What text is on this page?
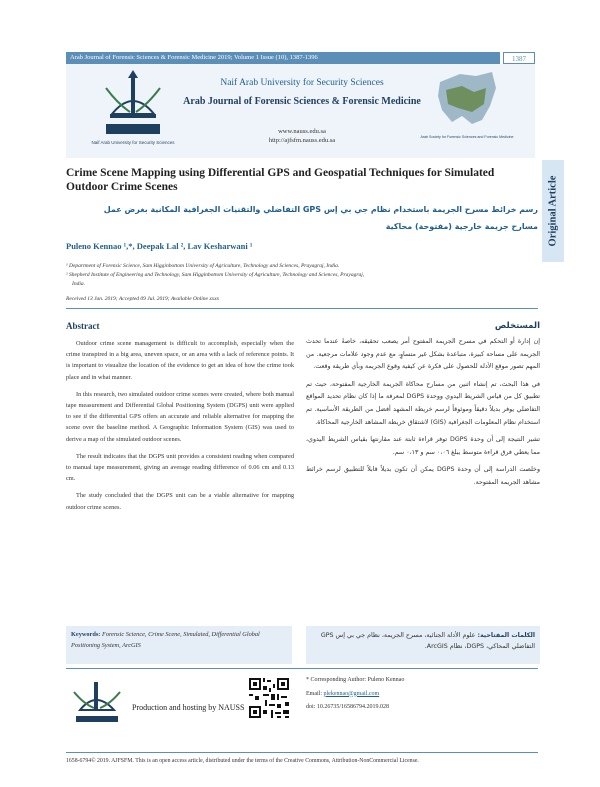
Arab Journal of Forensic Sciences & Forensic Medicine 2019; Volume 1 Issue (10), 1387-1396	1387
Naif Arab University for Security Sciences
Naif Arab University for Security Sciences
Arab Journal of Forensic Sciences & Forensic Medicine
www.nauss.edu.sa
http://ajfsfm.nauss.edu.sa	Arab Society for Forensic Sciences and Forensic Medicine
Original Article
Crime Scene Mapping using Differential GPS and Geospatial Techniques for Simulated Outdoor Crime Scenes
رسم خرائط مسرح الجريمة باستخدام نظام جي بي إس GPS التفاضلي والتقنيات الجغرافية المكانية بغرض عمل
مسارح جريمة خارجية (مفتوحة) محاكية
Puleno Kennao ¹,*, Deepak Lal ², Lav Kesharwani ¹
¹ Department of Forensic Science, Sam Higginbottom University of Agriculture, Technology and Sciences, Prayagraj, India.
² Shepherd Institute of Engineering and Technology, Sam Higginbottom University of Agriculture, Technology and Sciences, Prayagraj,
India.
Received 13 Jan. 2019; Accepted 09 Jul. 2019; Available Online xxxx
Abstract

Outdoor crime scene management is difficult to accomplish, especially when the crime transpired in a big area, uneven space, or an area with a lack of reference points. It is important to visualize the location of the evidence to get an idea of how the crime took place and in what manner.

In this research, two simulated outdoor crime scenes were created, where both manual tape measurement and Differential Global Positioning System (DGPS) unit were applied to see if the differential GPS offers an accurate and reliable alternative for mapping the scene over the baseline method. A Geographic Information System (GIS) was used to derive a map of the simulated outdoor scenes.

The result indicates that the DGPS unit provides a consistent reading when compared to manual tape measurement, giving an average reading difference of 0.06 cm and 0.13 cm.

The study concluded that the DGPS unit can be a viable alternative for mapping outdoor crime scenes.

المستخلص

إن إدارة أو التحكم في مسرح الجريمة المفتوح أمر يصعب تحقيقه، خاصةً عندما تحدث الجريمة على مساحة كبيرة، متباعدة بشكل غير متساوٍ، مع عدم وجود علامات مرجعية. من المهم تصور موقع الأدلة للحصول على فكرة عن كيفية وقوع الجريمة وبأي طريقة وقعت.

في هذا البحث، تم إنشاء اثنين من مسارح محاكاة الجريمة الخارجية المفتوحة، حيث تم تطبيق كل من قياس الشريط اليدوي ووحدة DGPS لمعرفة ما إذا كان نظام تحديد المواقع التفاضلي يوفر بديلاً دقيقاً وموثوقاً لرسم خريطة المشهد أفضل من الطريقة الأساسية. تم استخدام نظام المعلومات الجغرافية (GIS) لاشتقاق خريطة المشاهد الخارجية المحاكاة.

تشير النتيجة إلى أن وحدة DGPS توفر قراءة ثابتة عند مقارنتها بقياس الشريط اليدوي، مما يعطي فرق قراءة متوسط يبلغ ٠،٠٦ سم و ٠،١٣ سم.

وخلصت الدراسة إلى أن وحدة DGPS يمكن أن تكون بديلاً قابلاً للتطبيق لرسم خرائط مشاهد الجريمة المفتوحة.

Keywords: Forensic Science, Crime Scene, Simulated, Differential Global Positioning System, ArcGIS
الكلمات المفتاحية: علوم الأدلة الجنائية، مسرح الجريمة، نظام جي بي إس GPS التفاضلي المحاكي، DGPS، نظام ArcGIS.
Production and hosting by NAUSS
* Corresponding Author: Puleno Kennao
Email: plekennao@gmail.com
doi: 10.26735/16586794.2019.028
1658-6794© 2019. AJFSFM. This is an open access article, distributed under the terms of the Creative Commons, Attribution-NonCommercial License.
